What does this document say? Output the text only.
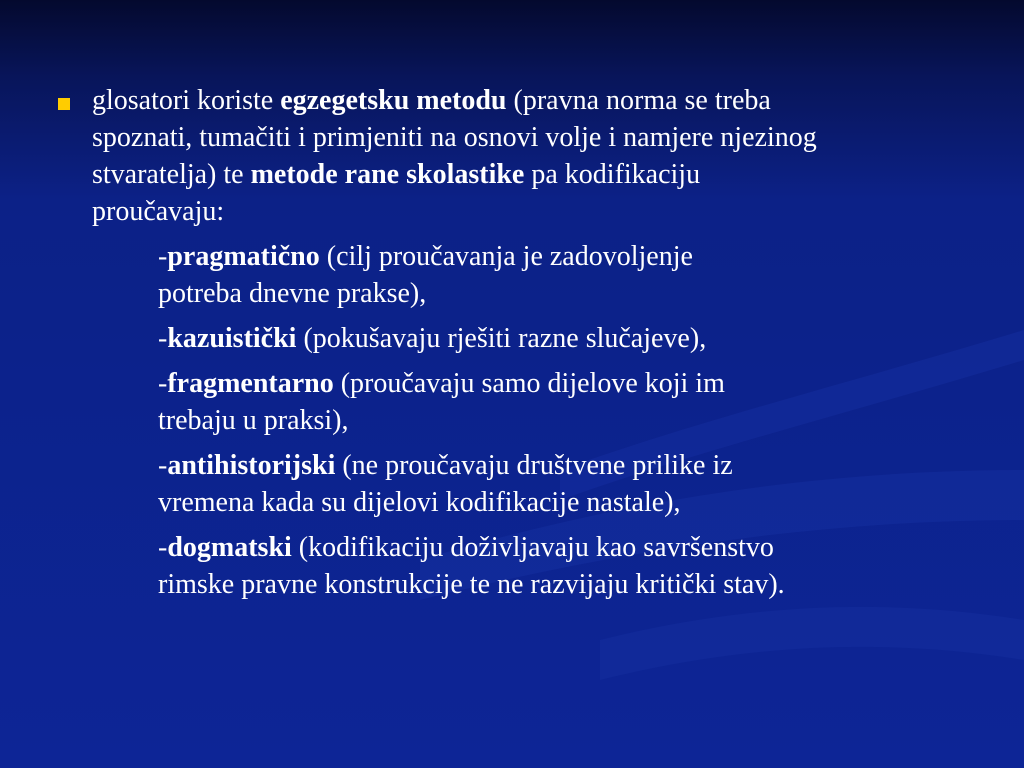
glosatori koriste egzegetsku metodu (pravna norma se treba
spoznati, tumačiti i primjeniti na osnovi volje i namjere njezinog
stvaratelja) te metode rane skolastike pa kodifikaciju
proučavaju:
-pragmatično (cilj proučavanja je zadovoljenje
potreba dnevne prakse),
-kazuistički (pokušavaju rješiti razne slučajeve),
-fragmentarno (proučavaju samo dijelove koji im
trebaju u praksi),
-antihistorijski (ne proučavaju društvene prilike iz
vremena kada su dijelovi kodifikacije nastale),
-dogmatski (kodifikaciju doživljavaju kao savršenstvo
rimske pravne konstrukcije te ne razvijaju kritički stav).
